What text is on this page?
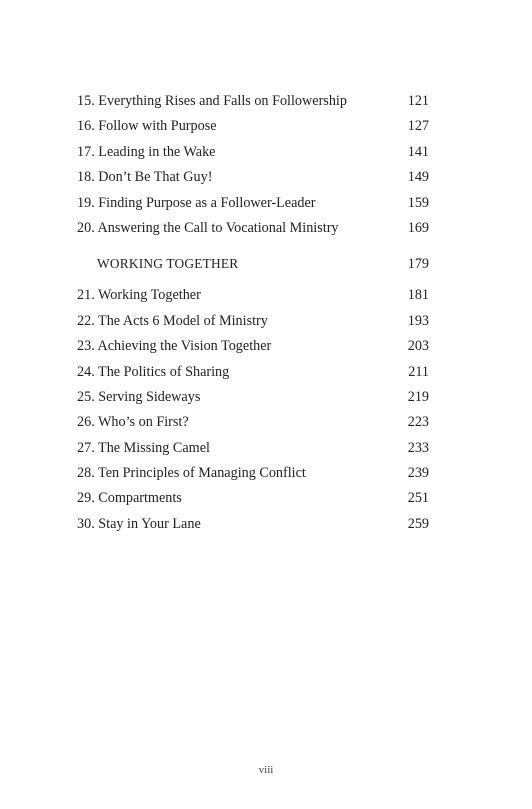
15. Everything Rises and Falls on Followership	121
16. Follow with Purpose	127
17. Leading in the Wake	141
18. Don’t Be That Guy!	149
19. Finding Purpose as a Follower-Leader	159
20. Answering the Call to Vocational Ministry	169
WORKING TOGETHER	179
21. Working Together	181
22. The Acts 6 Model of Ministry	193
23. Achieving the Vision Together	203
24. The Politics of Sharing	211
25. Serving Sideways	219
26. Who’s on First?	223
27. The Missing Camel	233
28. Ten Principles of Managing Conflict	239
29. Compartments	251
30. Stay in Your Lane	259
viii
